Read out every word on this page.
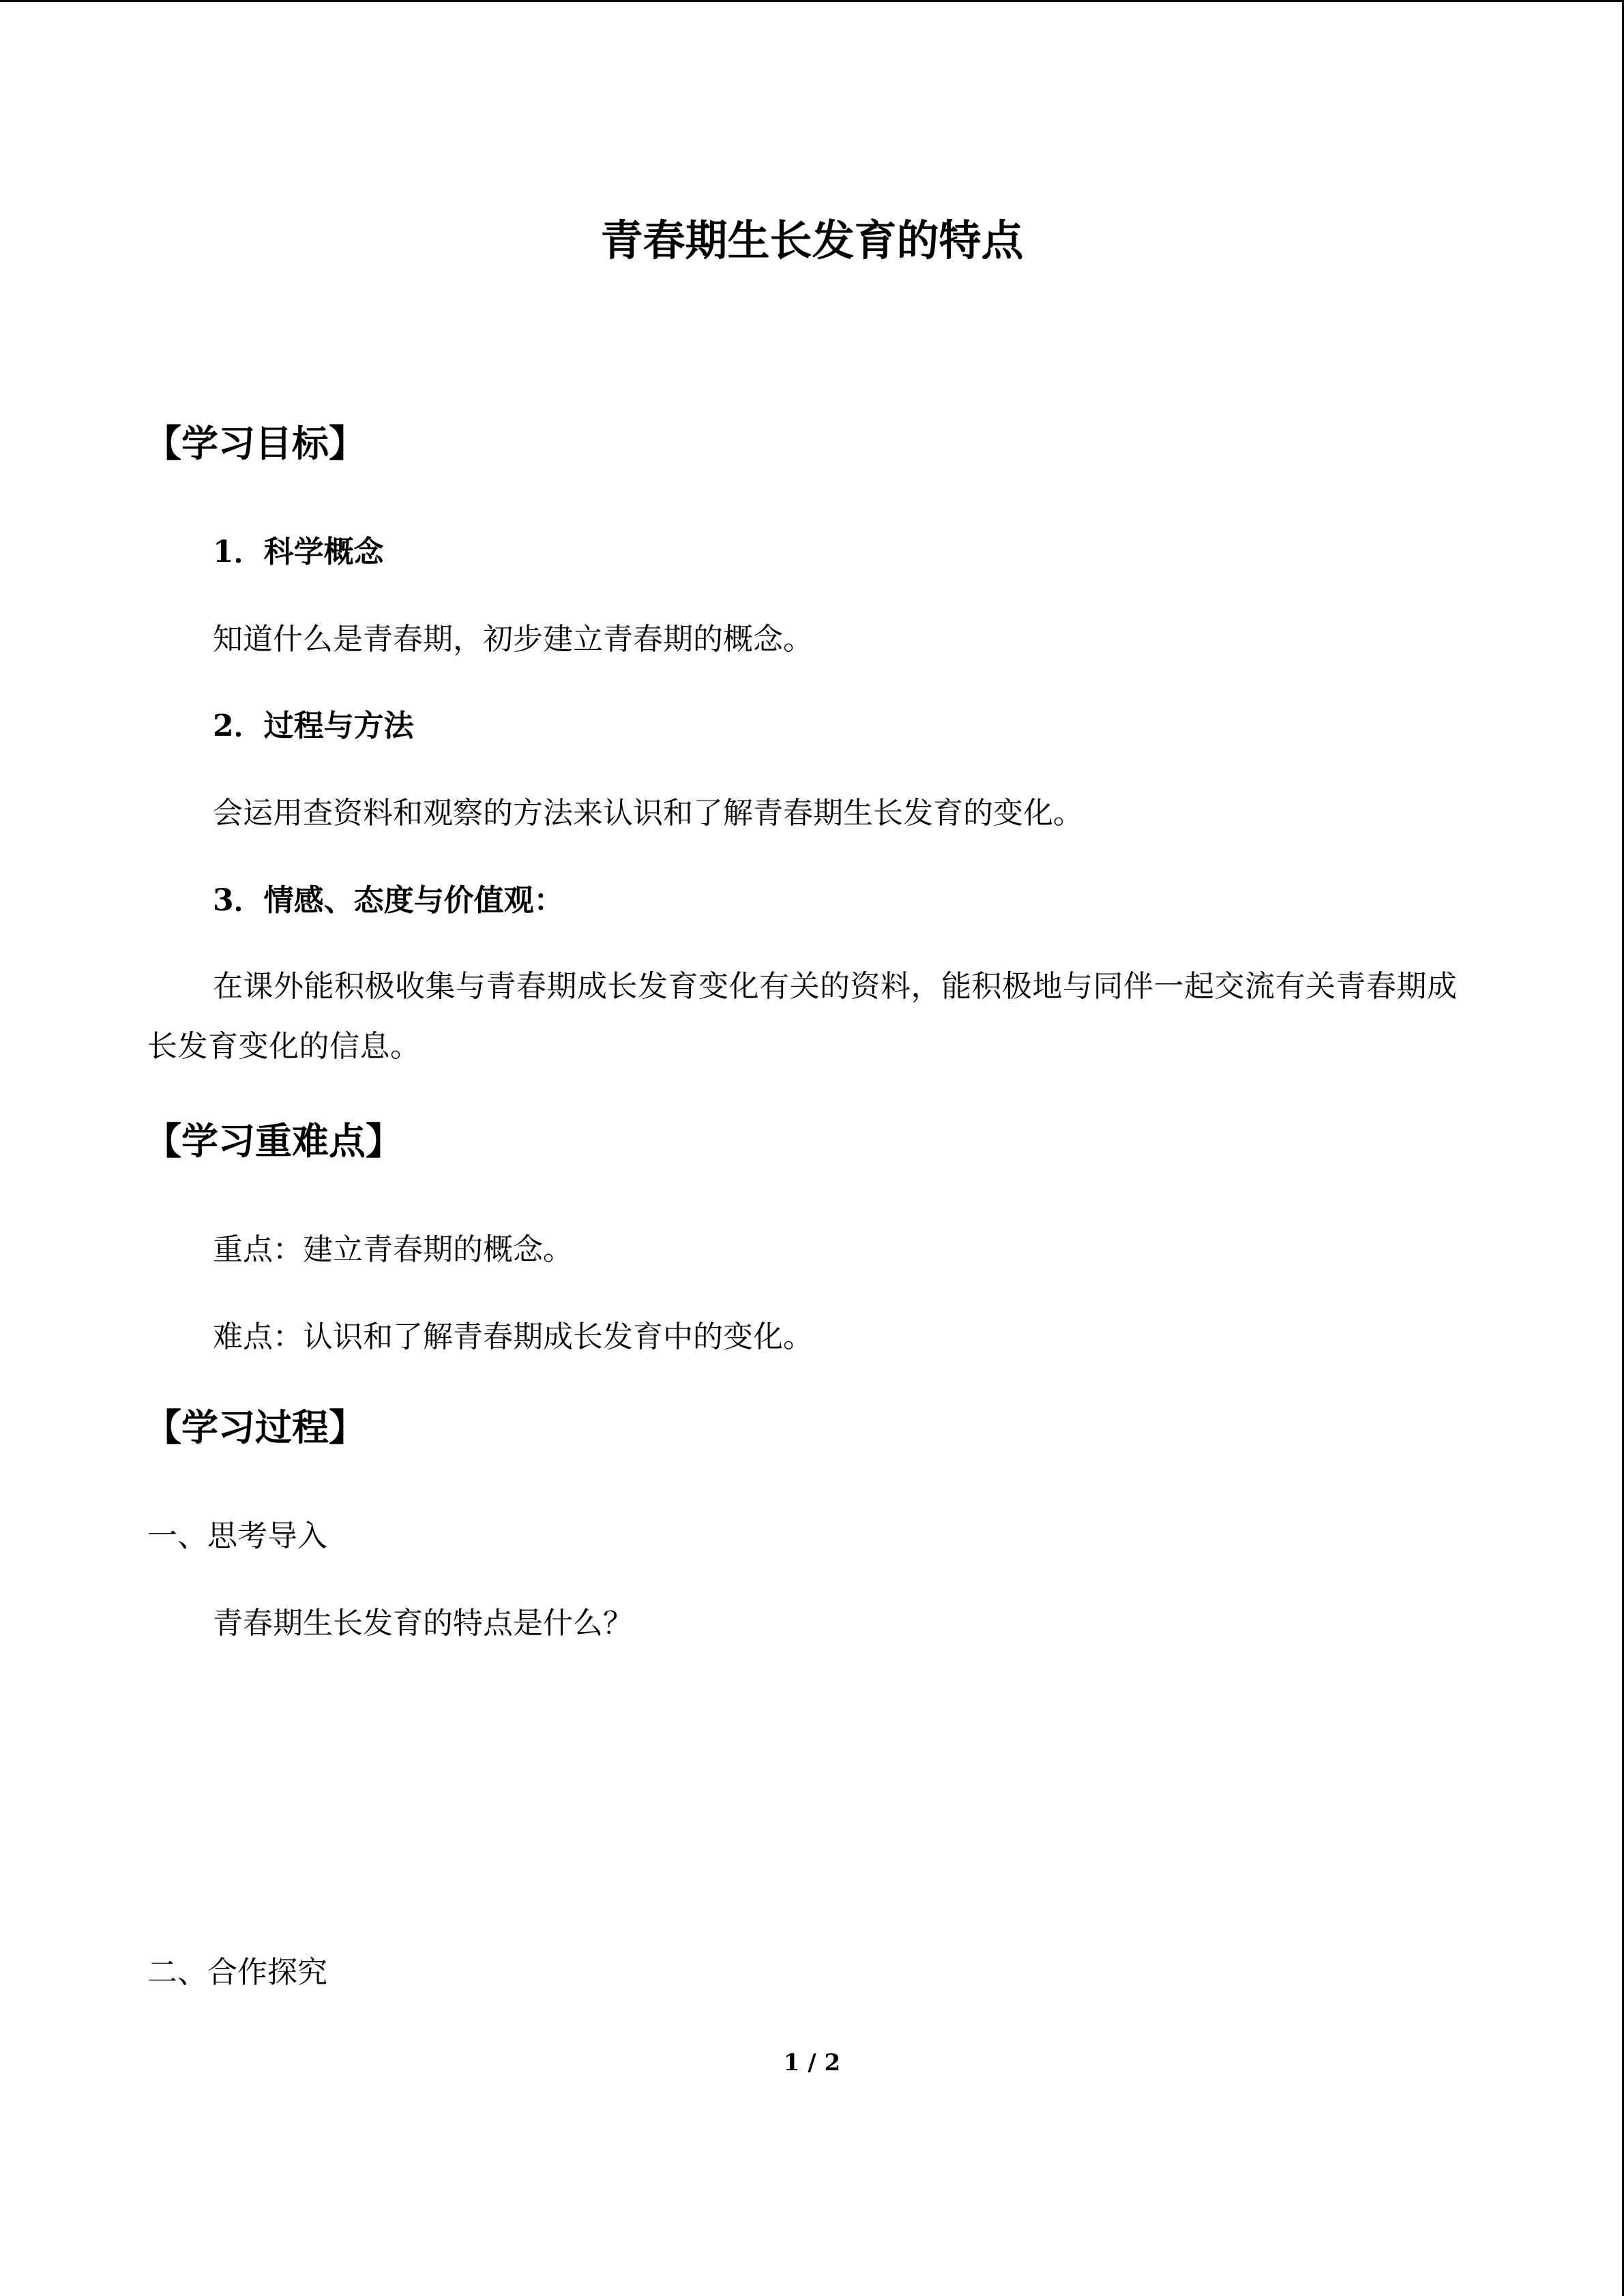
青春期生长发育的特点
【学习目标】
1．科学概念
知道什么是青春期，初步建立青春期的概念。
2．过程与方法
会运用查资料和观察的方法来认识和了解青春期生长发育的变化。
3．情感、态度与价值观：
在课外能积极收集与青春期成长发育变化有关的资料，能积极地与同伴一起交流有关青春期成长发育变化的信息。
【学习重难点】
重点：建立青春期的概念。
难点：认识和了解青春期成长发育中的变化。
【学习过程】
一、思考导入
青春期生长发育的特点是什么？
二、合作探究
1 / 2
